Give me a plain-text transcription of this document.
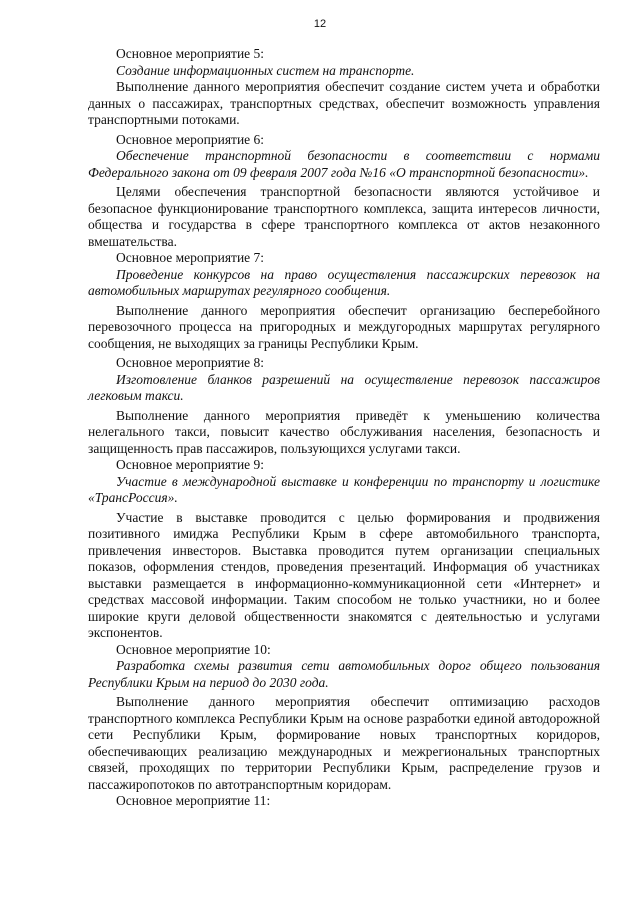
12

Основное мероприятие 5:

Создание информационных систем на транспорте.

Выполнение данного мероприятия обеспечит создание систем учета и обработки данных о пассажирах, транспортных средствах, обеспечит возможность управления транспортными потоками.

Основное мероприятие 6:

Обеспечение транспортной безопасности в соответствии с нормами Федерального закона от 09 февраля 2007 года №16 «О транспортной безопасности».

Целями обеспечения транспортной безопасности являются устойчивое и безопасное функционирование транспортного комплекса, защита интересов личности, общества и государства в сфере транспортного комплекса от актов незаконного вмешательства.

Основное мероприятие 7:

Проведение конкурсов на право осуществления пассажирских перевозок на автомобильных маршрутах регулярного сообщения.

Выполнение данного мероприятия обеспечит организацию бесперебойного перевозочного процесса на пригородных и междугородных маршрутах регулярного сообщения, не выходящих за границы Республики Крым.

Основное мероприятие 8:

Изготовление бланков разрешений на осуществление перевозок пассажиров легковым такси.

Выполнение данного мероприятия приведёт к уменьшению количества нелегального такси, повысит качество обслуживания населения, безопасность и защищенность прав пассажиров, пользующихся услугами такси.

Основное мероприятие 9:

Участие в международной выставке и конференции по транспорту и логистике «ТрансРоссия».

Участие в выставке проводится с целью формирования и продвижения позитивного имиджа Республики Крым в сфере автомобильного транспорта, привлечения инвесторов. Выставка проводится путем организации специальных показов, оформления стендов, проведения презентаций. Информация об участниках выставки размещается в информационно-коммуникационной сети «Интернет» и средствах массовой информации. Таким способом не только участники, но и более широкие круги деловой общественности знакомятся с деятельностью и услугами экспонентов.

Основное мероприятие 10:

Разработка схемы развития сети автомобильных дорог общего пользования Республики Крым на период до 2030 года.

Выполнение данного мероприятия обеспечит оптимизацию расходов транспортного комплекса Республики Крым на основе разработки единой автодорожной сети Республики Крым, формирование новых транспортных коридоров, обеспечивающих реализацию международных и межрегиональных транспортных связей, проходящих по территории Республики Крым, распределение грузов и пассажиропотоков по автотранспортным коридорам.

Основное мероприятие 11:
